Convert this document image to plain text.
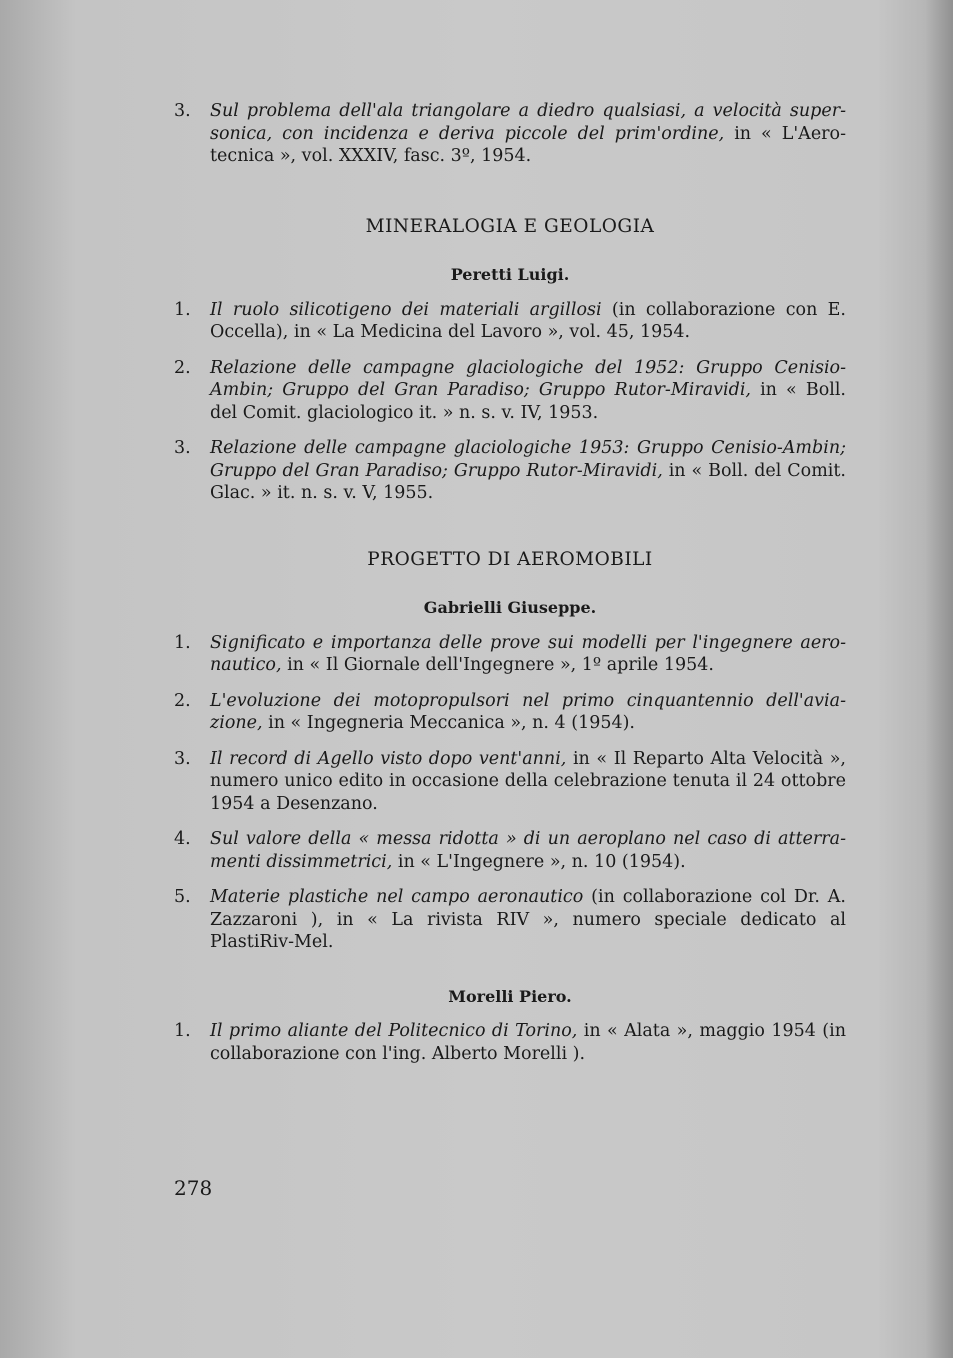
3.	Sul problema dell'ala triangolare a diedro qualsiasi, a velocità super-sonica, con incidenza e deriva piccole del prim'ordine, in « L'Aero-tecnica », vol. XXXIV, fasc. 3º, 1954.
MINERALOGIA E GEOLOGIA
Peretti Luigi.
1.	Il ruolo silicotigeno dei materiali argillosi (in collaborazione con E. Occella), in « La Medicina del Lavoro », vol. 45, 1954.
2.	Relazione delle campagne glaciologiche del 1952: Gruppo Cenisio-Ambin; Gruppo del Gran Paradiso; Gruppo Rutor-Miravidi, in « Boll. del Comit. glaciologico it. » n. s. v. IV, 1953.
3.	Relazione delle campagne glaciologiche 1953: Gruppo Cenisio-Ambin; Gruppo del Gran Paradiso; Gruppo Rutor-Miravidi, in « Boll. del Comit. Glac. » it. n. s. v. V, 1955.
PROGETTO DI AEROMOBILI
Gabrielli Giuseppe.
1.	Significato e importanza delle prove sui modelli per l'ingegnere aero-nautico, in « Il Giornale dell'Ingegnere », 1º aprile 1954.
2.	L'evoluzione dei motopropulsori nel primo cinquantennio dell'avia-zione, in « Ingegneria Meccanica », n. 4 (1954).
3.	Il record di Agello visto dopo vent'anni, in « Il Reparto Alta Velocità », numero unico edito in occasione della celebrazione tenuta il 24 ottobre 1954 a Desenzano.
4.	Sul valore della « messa ridotta » di un aeroplano nel caso di atterra-menti dissimmetrici, in « L'Ingegnere », n. 10 (1954).
5.	Materie plastiche nel campo aeronautico (in collaborazione col Dr. A. Zazzaroni ), in « La rivista RIV », numero speciale dedicato al PlastiRiv-Mel.
Morelli Piero.
1.	Il primo aliante del Politecnico di Torino, in « Alata », maggio 1954 (in collaborazione con l'ing. Alberto Morelli ).
278
